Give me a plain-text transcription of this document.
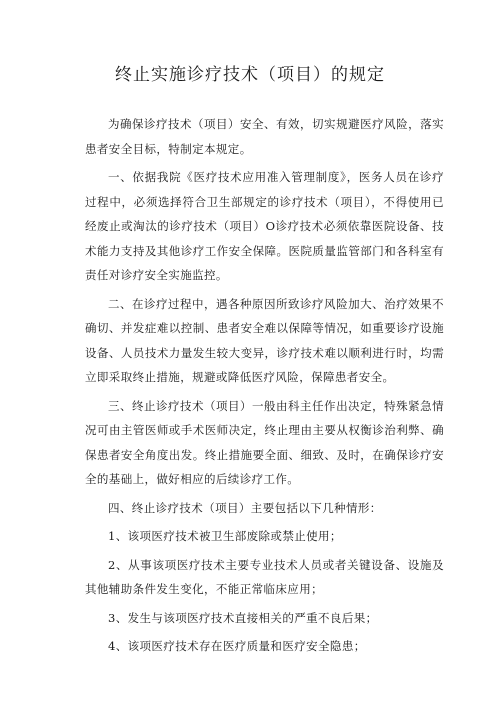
终止实施诊疗技术（项目）的规定

为确保诊疗技术（项目）安全、有效，切实规避医疗风险，落实患者安全目标，特制定本规定。

一、依据我院《医疗技术应用准入管理制度》，医务人员在诊疗过程中，必须选择符合卫生部规定的诊疗技术（项目），不得使用已经废止或淘汰的诊疗技术（项目）O诊疗技术必须依靠医院设备、技术能力支持及其他诊疗工作安全保障。医院质量监管部门和各科室有责任对诊疗安全实施监控。

二、在诊疗过程中，遇各种原因所致诊疗风险加大、治疗效果不确切、并发症难以控制、患者安全难以保障等情况，如重要诊疗设施设备、人员技术力量发生较大变异，诊疗技术难以顺利进行时，均需立即采取终止措施，规避或降低医疗风险，保障患者安全。

三、终止诊疗技术（项目）一般由科主任作出决定，特殊紧急情况可由主管医师或手术医师决定，终止理由主要从权衡诊治利弊、确保患者安全角度出发。终止措施要全面、细致、及时，在确保诊疗安全的基础上，做好相应的后续诊疗工作。

四、终止诊疗技术（项目）主要包括以下几种情形：

1、该项医疗技术被卫生部废除或禁止使用；

2、从事该项医疗技术主要专业技术人员或者关键设备、设施及其他辅助条件发生变化，不能正常临床应用；

3、发生与该项医疗技术直接相关的严重不良后果；

4、该项医疗技术存在医疗质量和医疗安全隐患；
